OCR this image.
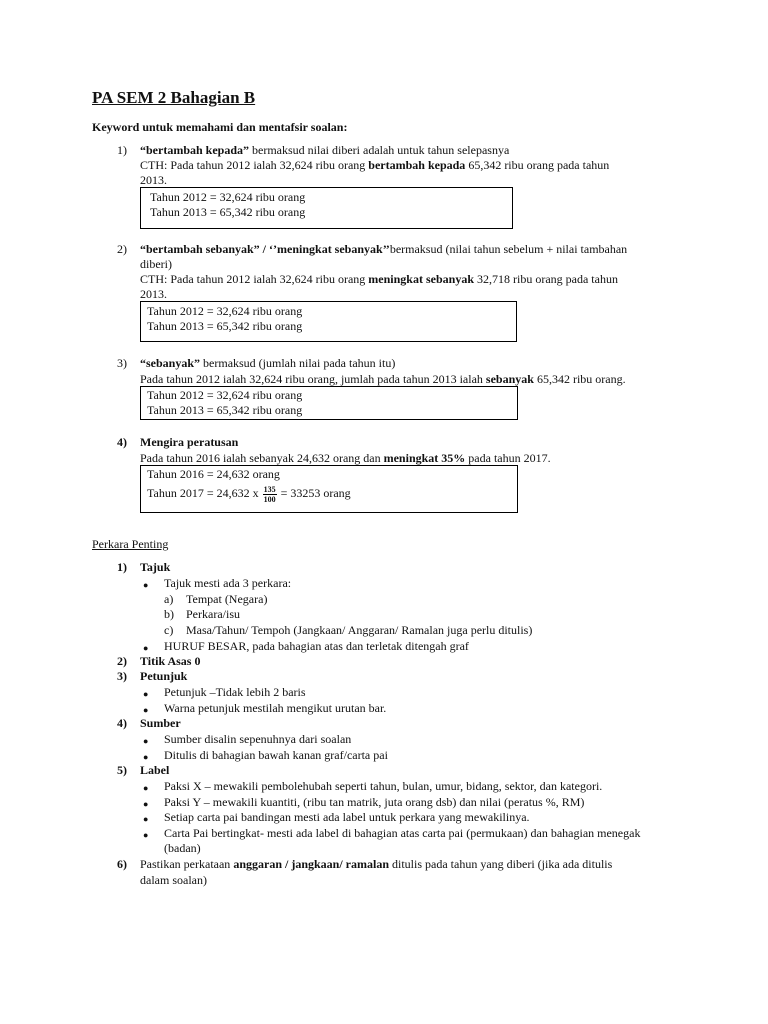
PA SEM 2 Bahagian B
Keyword untuk memahami dan mentafsir soalan:
1) “bertambah kepada” bermaksud nilai diberi adalah untuk tahun selepasnya
CTH: Pada tahun 2012 ialah 32,624 ribu orang bertambah kepada 65,342 ribu orang pada tahun
2013.
Tahun 2012 = 32,624 ribu orang
Tahun 2013 = 65,342 ribu orang
2) “bertambah sebanyak” / ‘’meningkat sebanyak’’bermaksud (nilai tahun sebelum + nilai tambahan
diberi)
CTH: Pada tahun 2012 ialah 32,624 ribu orang meningkat sebanyak 32,718 ribu orang pada tahun
2013.
Tahun 2012 = 32,624 ribu orang
Tahun 2013 = 65,342 ribu orang
3) “sebanyak” bermaksud (jumlah nilai pada tahun itu)
Pada tahun 2012 ialah 32,624 ribu orang, jumlah pada tahun 2013 ialah sebanyak 65,342 ribu orang.
Tahun 2012 = 32,624 ribu orang
Tahun 2013 = 65,342 ribu orang
4) Mengira peratusan
Pada tahun 2016 ialah sebanyak 24,632 orang dan meningkat 35% pada tahun 2017.
Tahun 2016 = 24,632 orang
Tahun 2017 = 24,632 x $\frac{135}{100} = 33253$ orang
Perkara Penting
1) Tajuk
● Tajuk mesti ada 3 perkara:
a) Tempat (Negara)
b) Perkara/isu
c) Masa/Tahun/ Tempoh (Jangkaan/ Anggaran/ Ramalan juga perlu ditulis)
● HURUF BESAR, pada bahagian atas dan terletak ditengah graf
2) Titik Asas 0
3) Petunjuk
● Petunjuk –Tidak lebih 2 baris
● Warna petunjuk mestilah mengikut urutan bar.
4) Sumber
● Sumber disalin sepenuhnya dari soalan
● Ditulis di bahagian bawah kanan graf/carta pai
5) Label
● Paksi X – mewakili pembolehubah seperti tahun, bulan, umur, bidang, sektor, dan kategori.
● Paksi Y – mewakili kuantiti, (ribu tan matrik, juta orang dsb) dan nilai (peratus %, RM)
● Setiap carta pai bandingan mesti ada label untuk perkara yang mewakilinya.
● Carta Pai bertingkat- mesti ada label di bahagian atas carta pai (permukaan) dan bahagian menegak
(badan)
6) Pastikan perkataan anggaran / jangkaan/ ramalan ditulis pada tahun yang diberi (jika ada ditulis
dalam soalan)
